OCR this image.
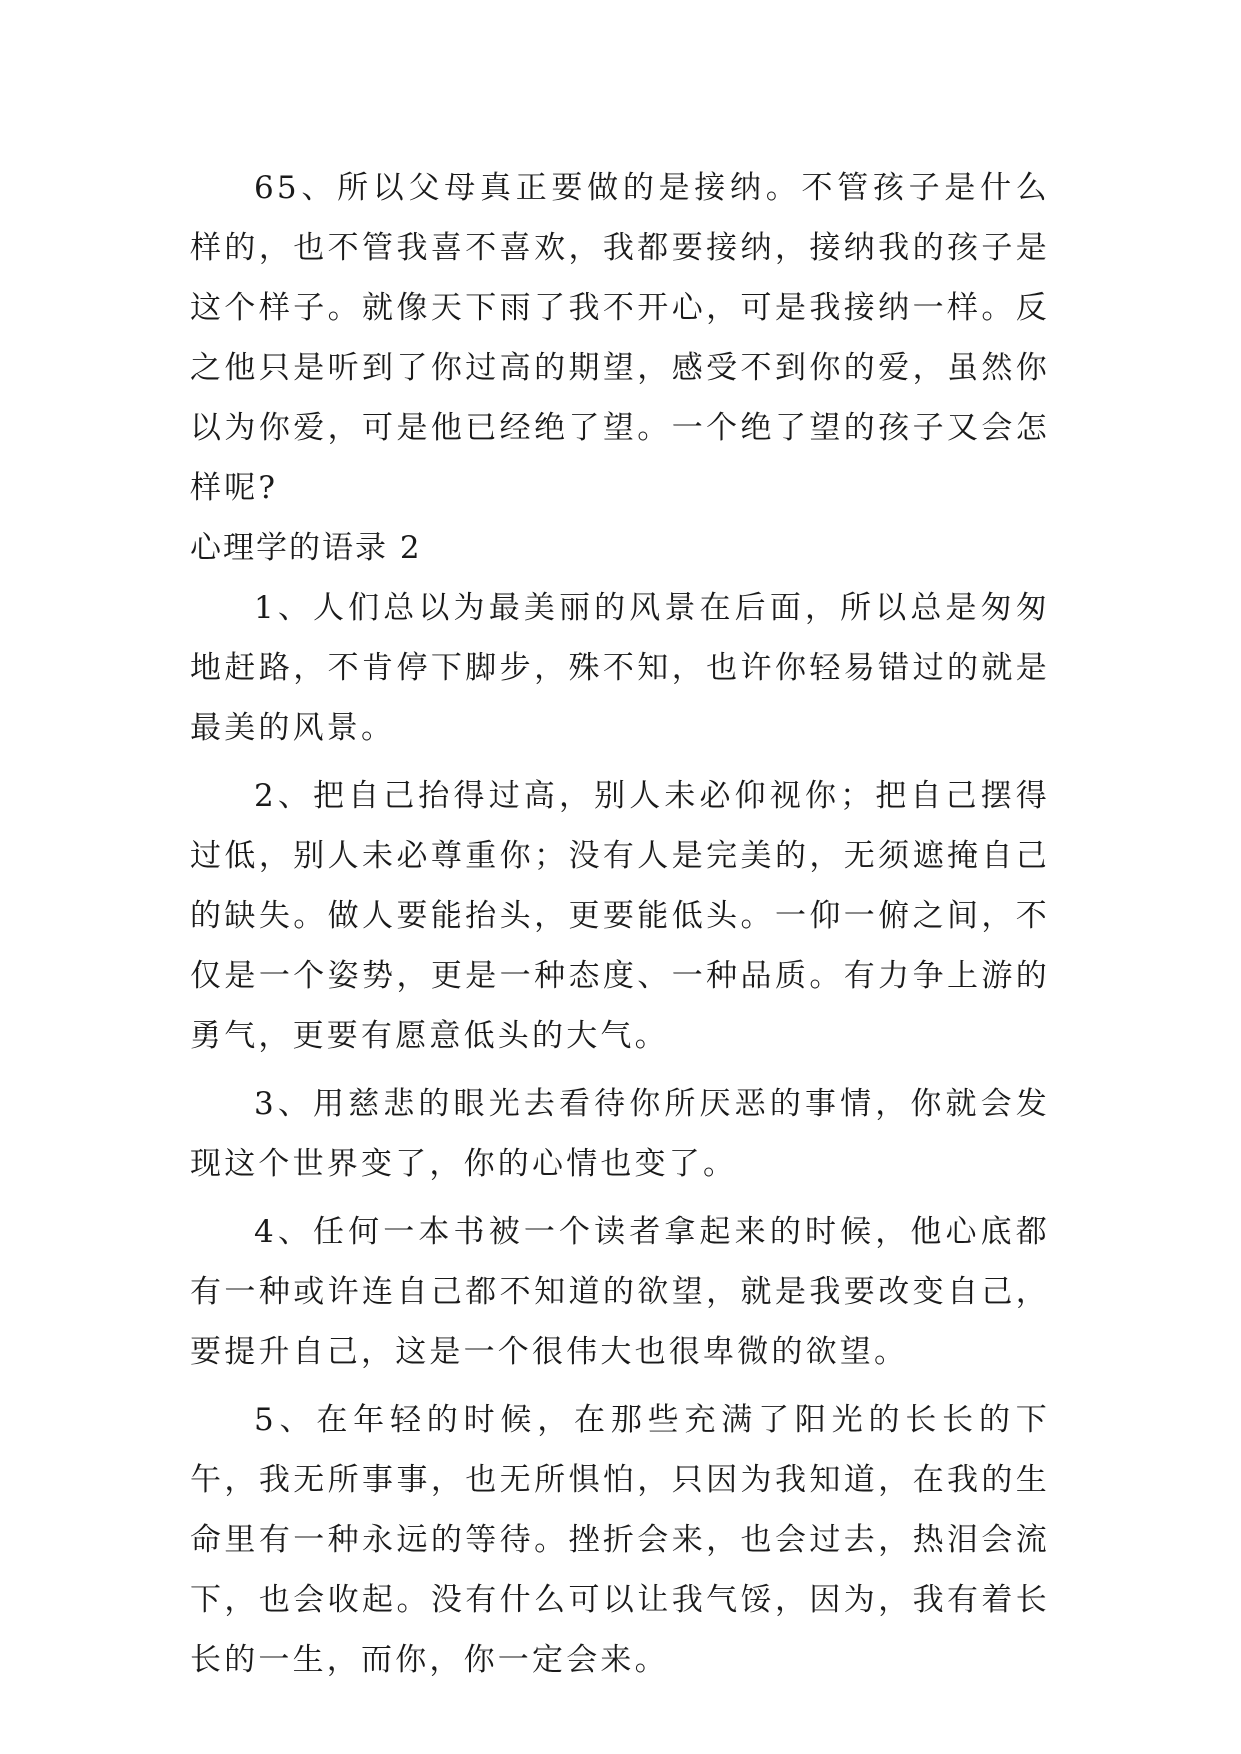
65、所以父母真正要做的是接纳。不管孩子是什么样的，也不管我喜不喜欢，我都要接纳，接纳我的孩子是这个样子。就像天下雨了我不开心，可是我接纳一样。反之他只是听到了你过高的期望，感受不到你的爱，虽然你以为你爱，可是他已经绝了望。一个绝了望的孩子又会怎样呢?

心理学的语录 2

1、人们总以为最美丽的风景在后面，所以总是匆匆地赶路，不肯停下脚步，殊不知，也许你轻易错过的就是最美的风景。

2、把自己抬得过高，别人未必仰视你；把自己摆得过低，别人未必尊重你；没有人是完美的，无须遮掩自己的缺失。做人要能抬头，更要能低头。一仰一俯之间，不仅是一个姿势，更是一种态度、一种品质。有力争上游的勇气，更要有愿意低头的大气。

3、用慈悲的眼光去看待你所厌恶的事情，你就会发现这个世界变了，你的心情也变了。

4、任何一本书被一个读者拿起来的时候，他心底都有一种或许连自己都不知道的欲望，就是我要改变自己，要提升自己，这是一个很伟大也很卑微的欲望。

5、在年轻的时候，在那些充满了阳光的长长的下午，我无所事事，也无所惧怕，只因为我知道，在我的生命里有一种永远的等待。挫折会来，也会过去，热泪会流下，也会收起。没有什么可以让我气馁，因为，我有着长长的一生，而你，你一定会来。
